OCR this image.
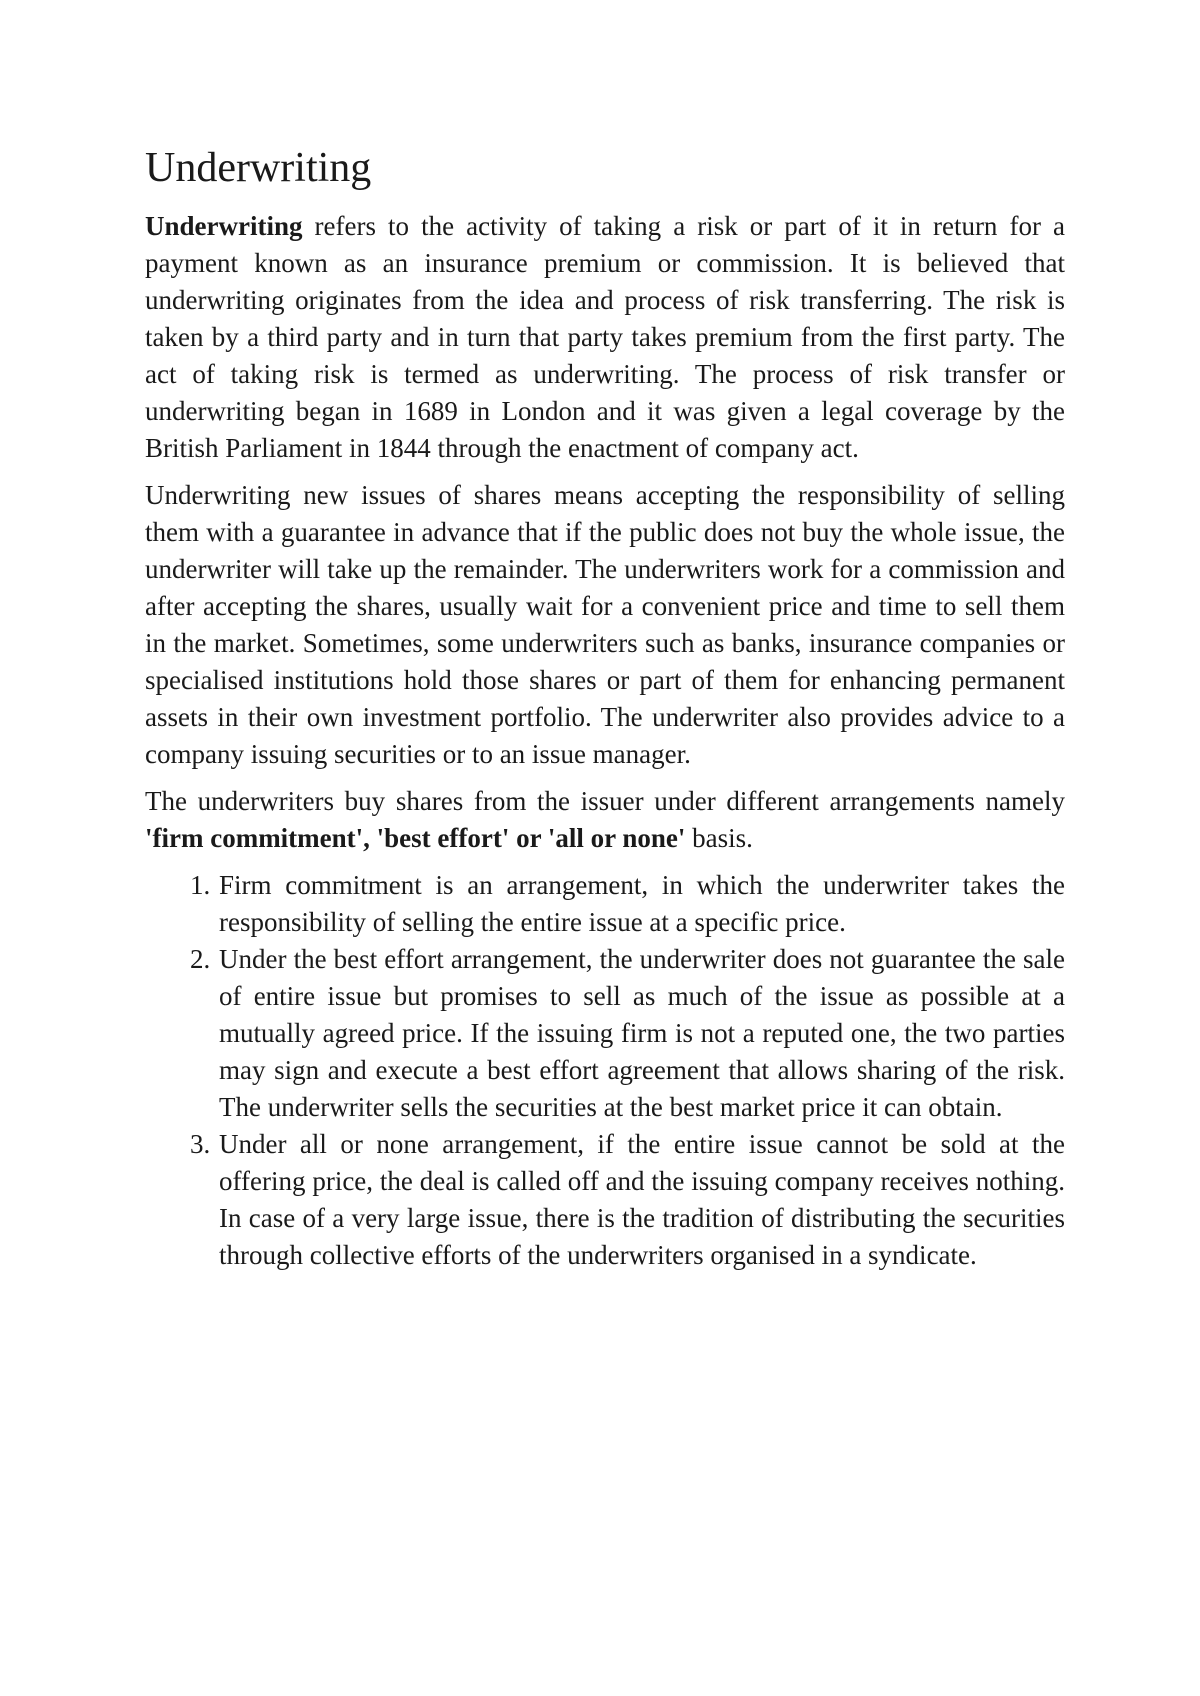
Underwriting

Underwriting refers to the activity of taking a risk or part of it in return for a payment known as an insurance premium or commission. It is believed that underwriting originates from the idea and process of risk transferring. The risk is taken by a third party and in turn that party takes premium from the first party. The act of taking risk is termed as underwriting. The process of risk transfer or underwriting began in 1689 in London and it was given a legal coverage by the British Parliament in 1844 through the enactment of company act.

Underwriting new issues of shares means accepting the responsibility of selling them with a guarantee in advance that if the public does not buy the whole issue, the underwriter will take up the remainder. The underwriters work for a commission and after accepting the shares, usually wait for a convenient price and time to sell them in the market. Sometimes, some underwriters such as banks, insurance companies or specialised institutions hold those shares or part of them for enhancing permanent assets in their own investment portfolio. The underwriter also provides advice to a company issuing securities or to an issue manager.

The underwriters buy shares from the issuer under different arrangements namely 'firm commitment', 'best effort' or 'all or none' basis.

1. Firm commitment is an arrangement, in which the underwriter takes the responsibility of selling the entire issue at a specific price.
2. Under the best effort arrangement, the underwriter does not guarantee the sale of entire issue but promises to sell as much of the issue as possible at a mutually agreed price. If the issuing firm is not a reputed one, the two parties may sign and execute a best effort agreement that allows sharing of the risk. The underwriter sells the securities at the best market price it can obtain.
3. Under all or none arrangement, if the entire issue cannot be sold at the offering price, the deal is called off and the issuing company receives nothing. In case of a very large issue, there is the tradition of distributing the securities through collective efforts of the underwriters organised in a syndicate.
